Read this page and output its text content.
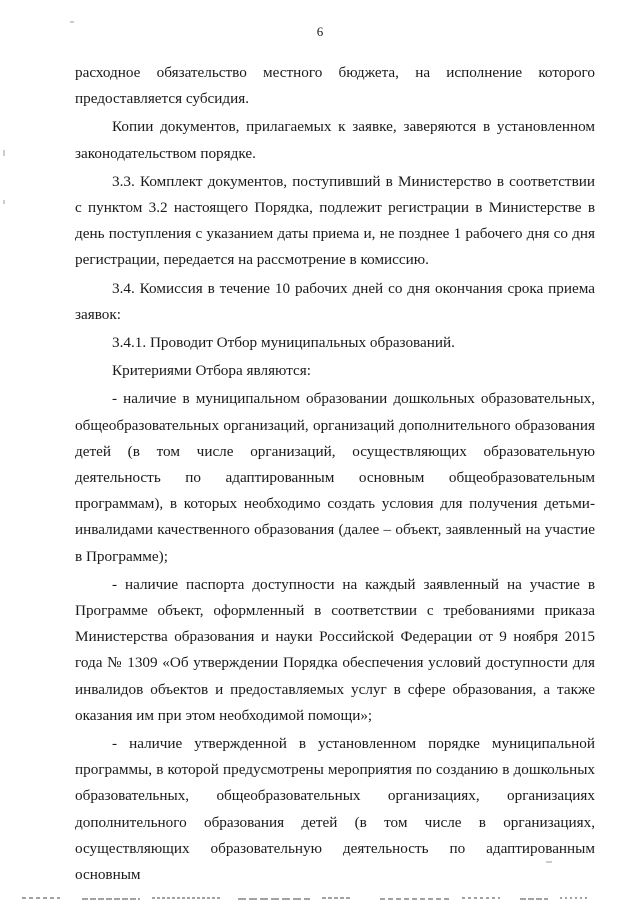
6

расходное обязательство местного бюджета, на исполнение которого предоставляется субсидия.

Копии документов, прилагаемых к заявке, заверяются в установленном законодательством порядке.

3.3. Комплект документов, поступивший в Министерство в соответствии с пунктом 3.2 настоящего Порядка, подлежит регистрации в Министерстве в день поступления с указанием даты приема и, не позднее 1 рабочего дня со дня регистрации, передается на рассмотрение в комиссию.

3.4. Комиссия в течение 10 рабочих дней со дня окончания срока приема заявок:

3.4.1. Проводит Отбор муниципальных образований.

Критериями Отбора являются:

- наличие в муниципальном образовании дошкольных образовательных, общеобразовательных организаций, организаций дополнительного образования детей (в том числе организаций, осуществляющих образовательную деятельность по адаптированным основным общеобразовательным программам), в которых необходимо создать условия для получения детьми-инвалидами качественного образования (далее – объект, заявленный на участие в Программе);

- наличие паспорта доступности на каждый заявленный на участие в Программе объект, оформленный в соответствии с требованиями приказа Министерства образования и науки Российской Федерации от 9 ноября 2015 года № 1309 «Об утверждении Порядка обеспечения условий доступности для инвалидов объектов и предоставляемых услуг в сфере образования, а также оказания им при этом необходимой помощи»;

- наличие утвержденной в установленном порядке муниципальной программы, в которой предусмотрены мероприятия по созданию в дошкольных образовательных, общеобразовательных организациях, организациях дополнительного образования детей (в том числе в организациях, осуществляющих образовательную деятельность по адаптированным основным
